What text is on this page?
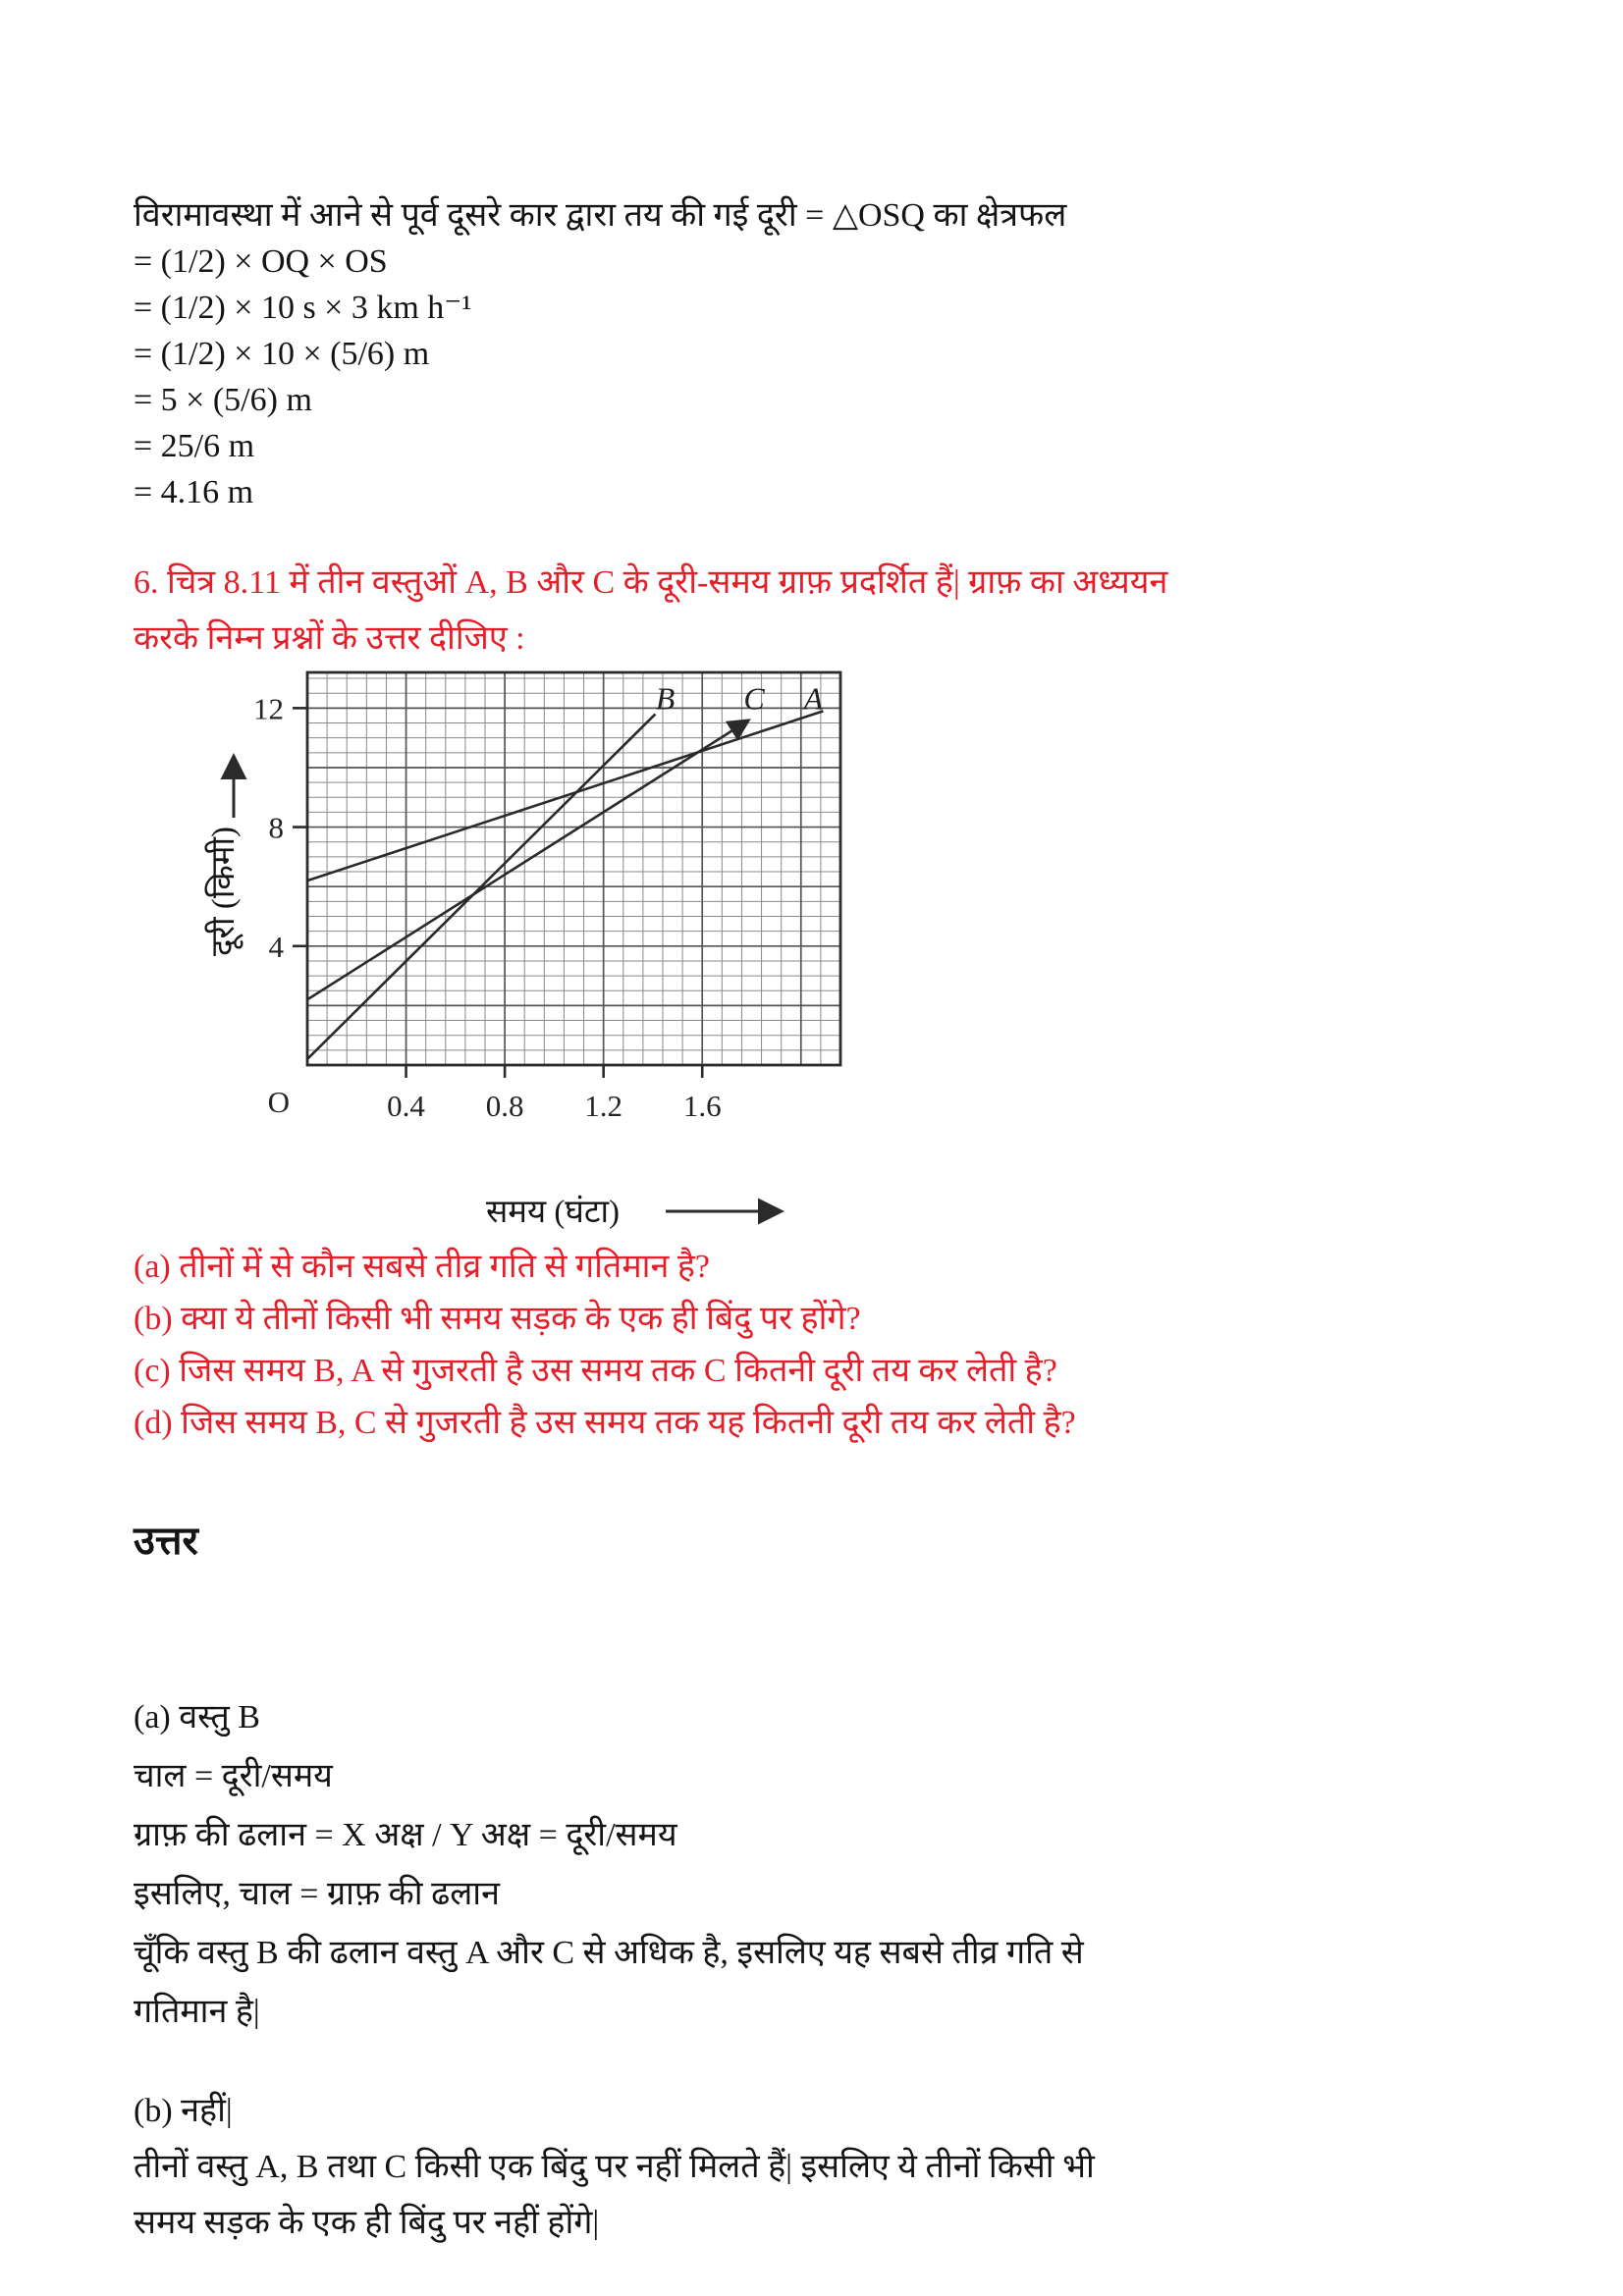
विरामावस्था में आने से पूर्व दूसरे कार द्वारा तय की गई दूरी = △OSQ का क्षेत्रफल
= (1/2) × OQ × OS
= (1/2) × 10 s × 3 km h⁻¹
= (1/2) × 10 × (5/6) m
= 5 × (5/6) m
= 25/6 m
= 4.16 m
6. चित्र 8.11 में तीन वस्तुओं A, B और C के दूरी-समय ग्राफ़ प्रदर्शित हैं| ग्राफ़ का अध्ययन
करके निम्न प्रश्नों के उत्तर दीजिए :
A
B C
0.4 0.8 1.2 1.6
4
8
12
O
समय (घंटा)
दूरी (किमी)
(a) तीनों में से कौन सबसे तीव्र गति से गतिमान है?
(b) क्या ये तीनों किसी भी समय सड़क के एक ही बिंदु पर होंगे?
(c) जिस समय B, A से गुजरती है उस समय तक C कितनी दूरी तय कर लेती है?
(d) जिस समय B, C से गुजरती है उस समय तक यह कितनी दूरी तय कर लेती है?
उत्तर
(a) वस्तु B
चाल = दूरी/समय
ग्राफ़ की ढलान = X अक्ष / Y अक्ष = दूरी/समय
इसलिए, चाल = ग्राफ़ की ढलान
चूँकि वस्तु B की ढलान वस्तु A और C से अधिक है, इसलिए यह सबसे तीव्र गति से
गतिमान है|
(b) नहीं|
तीनों वस्तु A, B तथा C किसी एक बिंदु पर नहीं मिलते हैं| इसलिए ये तीनों किसी भी
समय सड़क के एक ही बिंदु पर नहीं होंगे|
